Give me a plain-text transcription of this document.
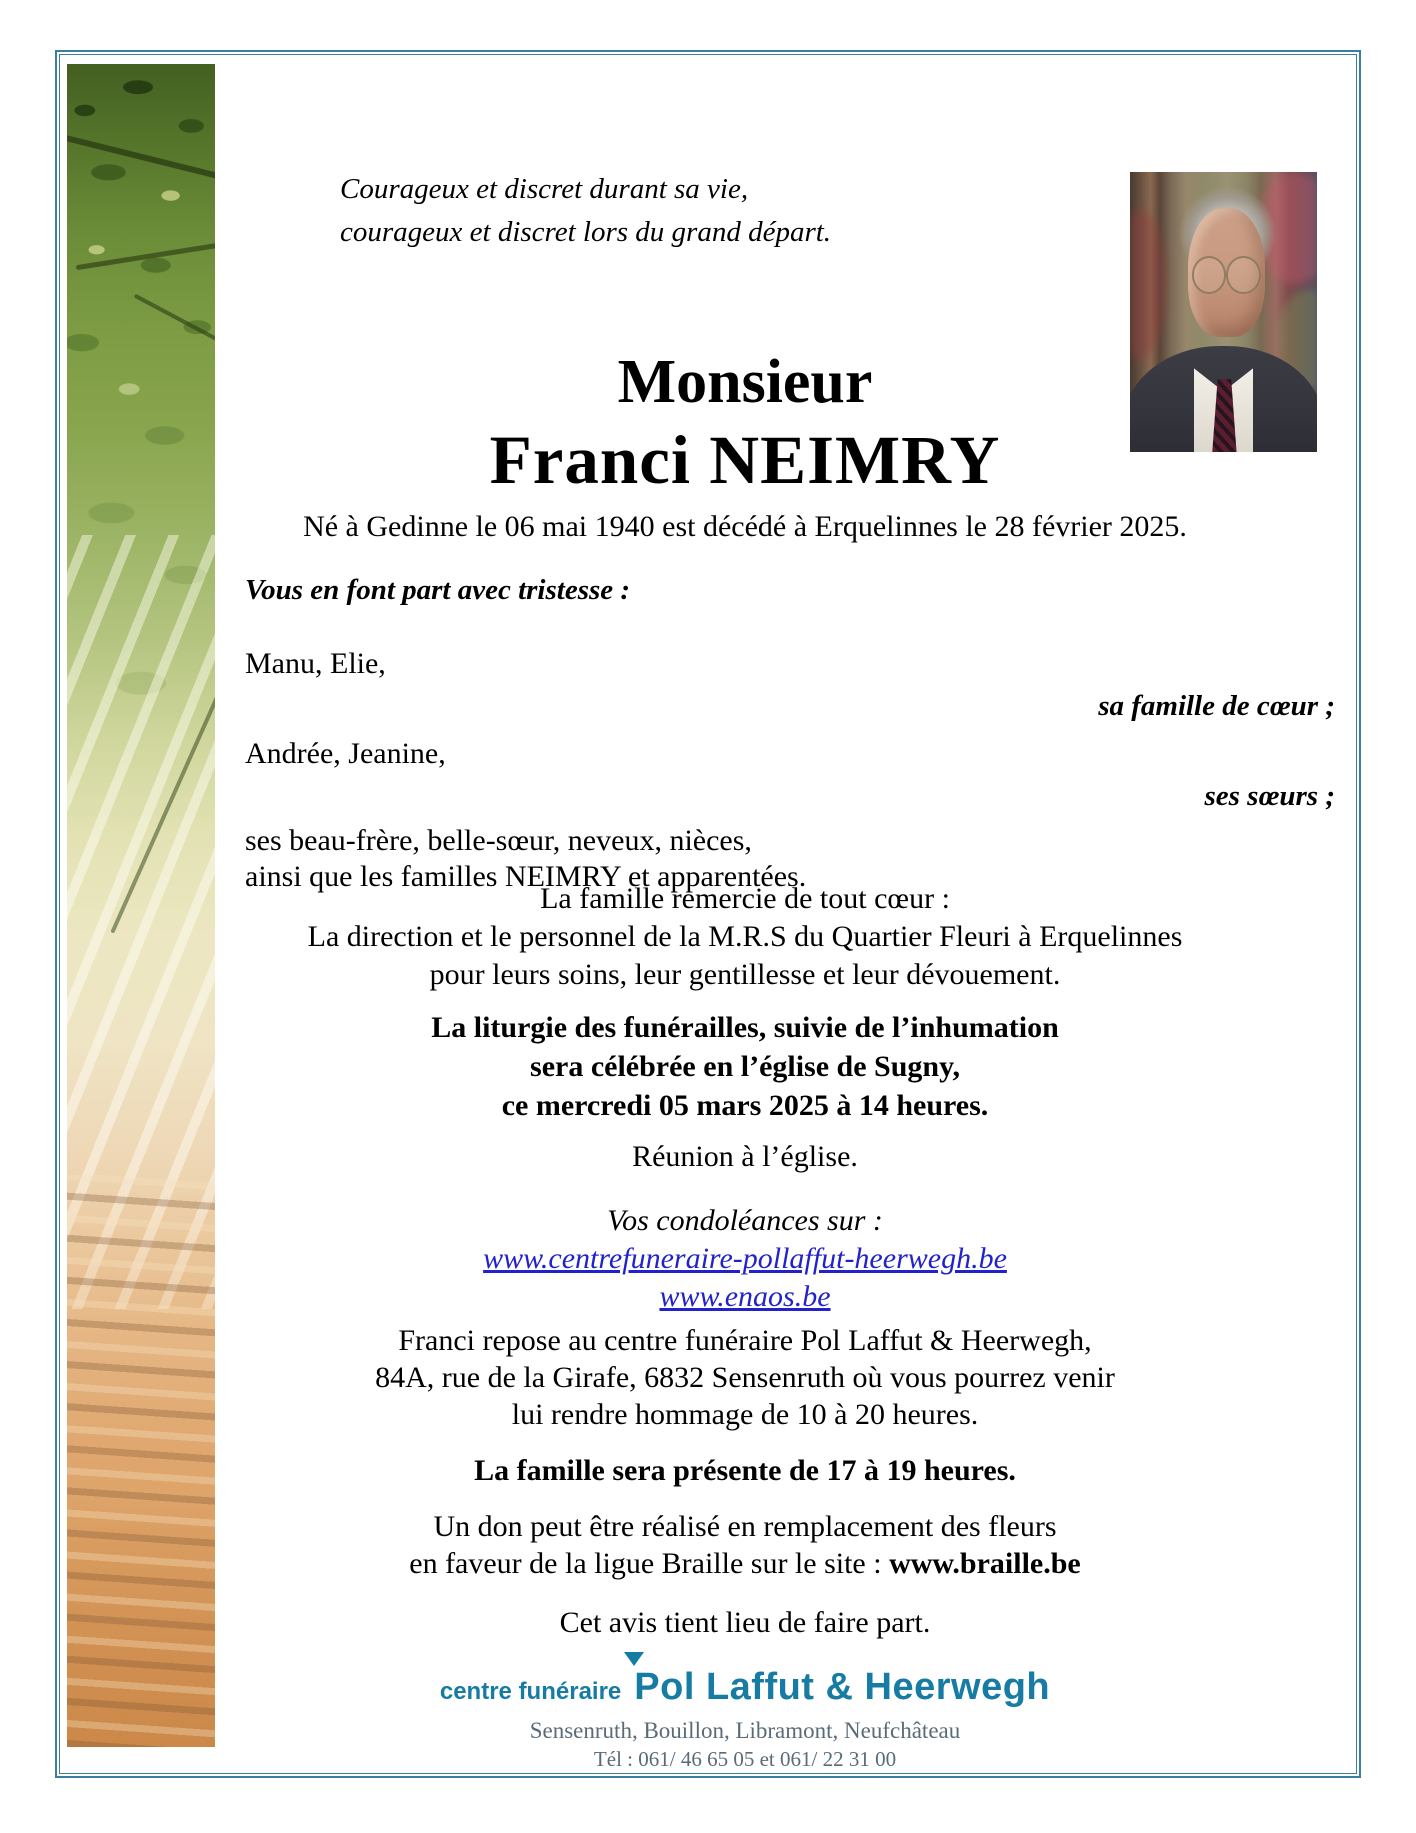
Courageux et discret durant sa vie,
courageux et discret lors du grand départ.
Monsieur
Franci NEIMRY
Né à Gedinne le 06 mai 1940 est décédé à Erquelinnes le 28 février 2025.
Vous en font part avec tristesse :
Manu, Elie,
sa famille de cœur ;
Andrée, Jeanine,
ses sœurs ;
ses beau-frère, belle-sœur, neveux, nièces,
ainsi que les familles NEIMRY et apparentées.
La famille remercie de tout cœur :
La direction et le personnel de la M.R.S du Quartier Fleuri à Erquelinnes
pour leurs soins, leur gentillesse et leur dévouement.
La liturgie des funérailles, suivie de l’inhumation
sera célébrée en l’église de Sugny,
ce mercredi 05 mars 2025 à 14 heures.
Réunion à l’église.
Vos condoléances sur :
www.centrefuneraire-pollaffut-heerwegh.be
www.enaos.be
Franci repose au centre funéraire Pol Laffut & Heerwegh,
84A, rue de la Girafe, 6832 Sensenruth où vous pourrez venir
lui rendre hommage de 10 à 20 heures.
La famille sera présente de 17 à 19 heures.
Un don peut être réalisé en remplacement des fleurs
en faveur de la ligue Braille sur le site : www.braille.be
Cet avis tient lieu de faire part.
centre funéraire Pol Laffut & Heerwegh
Sensenruth, Bouillon, Libramont, Neufchâteau
Tél : 061/ 46 65 05 et 061/ 22 31 00
